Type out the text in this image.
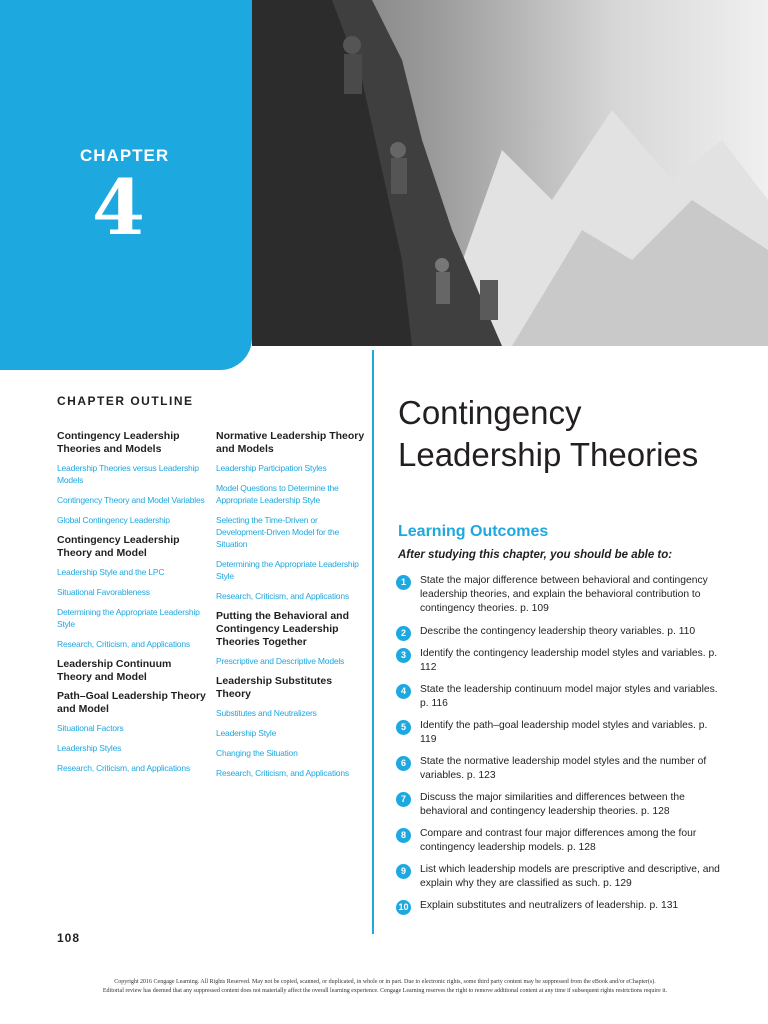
CHAPTER
4
CHAPTER OUTLINE
Contingency Leadership Theories and Models
Leadership Theories versus Leadership Models
Contingency Theory and Model Variables
Global Contingency Leadership
Contingency Leadership Theory and Model
Leadership Style and the LPC
Situational Favorableness
Determining the Appropriate Leadership Style
Research, Criticism, and Applications
Leadership Continuum Theory and Model
Path–Goal Leadership Theory and Model
Situational Factors
Leadership Styles
Research, Criticism, and Applications
Normative Leadership Theory and Models
Leadership Participation Styles
Model Questions to Determine the Appropriate Leadership Style
Selecting the Time-Driven or Development-Driven Model for the Situation
Determining the Appropriate Leadership Style
Research, Criticism, and Applications
Putting the Behavioral and Contingency Leadership Theories Together
Prescriptive and Descriptive Models
Leadership Substitutes Theory
Substitutes and Neutralizers
Leadership Style
Changing the Situation
Research, Criticism, and Applications
Contingency
Leadership Theories
Learning Outcomes
After studying this chapter, you should be able to:
1	State the major difference between behavioral and contingency leadership theories, and explain the behavioral contribution to contingency theories. p. 109
2	Describe the contingency leadership theory variables. p. 110
3	Identify the contingency leadership model styles and variables. p. 112
4	State the leadership continuum model major styles and variables. p. 116
5	Identify the path–goal leadership model styles and variables. p. 119
6	State the normative leadership model styles and the number of variables. p. 123
7	Discuss the major similarities and differences between the behavioral and contingency leadership theories. p. 128
8	Compare and contrast four major differences among the four contingency leadership models. p. 128
9	List which leadership models are prescriptive and descriptive, and explain why they are classified as such. p. 129
10 Explain substitutes and neutralizers of leadership. p. 131
108
Copyright 2016 Cengage Learning. All Rights Reserved. May not be copied, scanned, or duplicated, in whole or in part. Due to electronic rights, some third party content may be suppressed from the eBook and/or eChapter(s).
Editorial review has deemed that any suppressed content does not materially affect the overall learning experience. Cengage Learning reserves the right to remove additional content at any time if subsequent rights restrictions require it.
